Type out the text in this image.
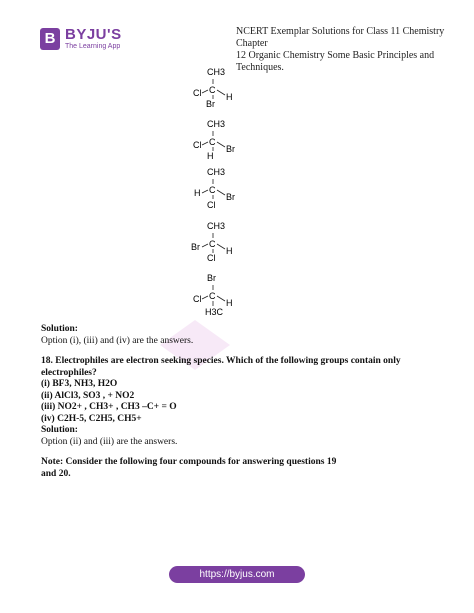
B BYJU'S
The Learning App
NCERT Exemplar Solutions for Class 11 Chemistry Chapter
12 Organic Chemistry Some Basic Principles and Techniques.
CH3
C
Cl	H
Br
CH3
C
Cl	Br
H
CH3
C
H	Br
Cl
CH3
C
Br	H
Cl
Br
C
Cl	H
H3C

Solution:

Option (i), (iii) and (iv) are the answers.

18. Electrophiles are electron seeking species. Which of the following groups contain only

electrophiles?

(i) BF3, NH3, H2O

(ii) AlCl3, SO3 , + NO2

(iii) NO2+ , CH3+ , CH3 –C+ = O

(iv) C2H-5, C2H5, CH5+

Solution:

Option (ii) and (iii) are the answers.

Note: Consider the following four compounds for answering questions 19

and 20.

https://byjus.com
